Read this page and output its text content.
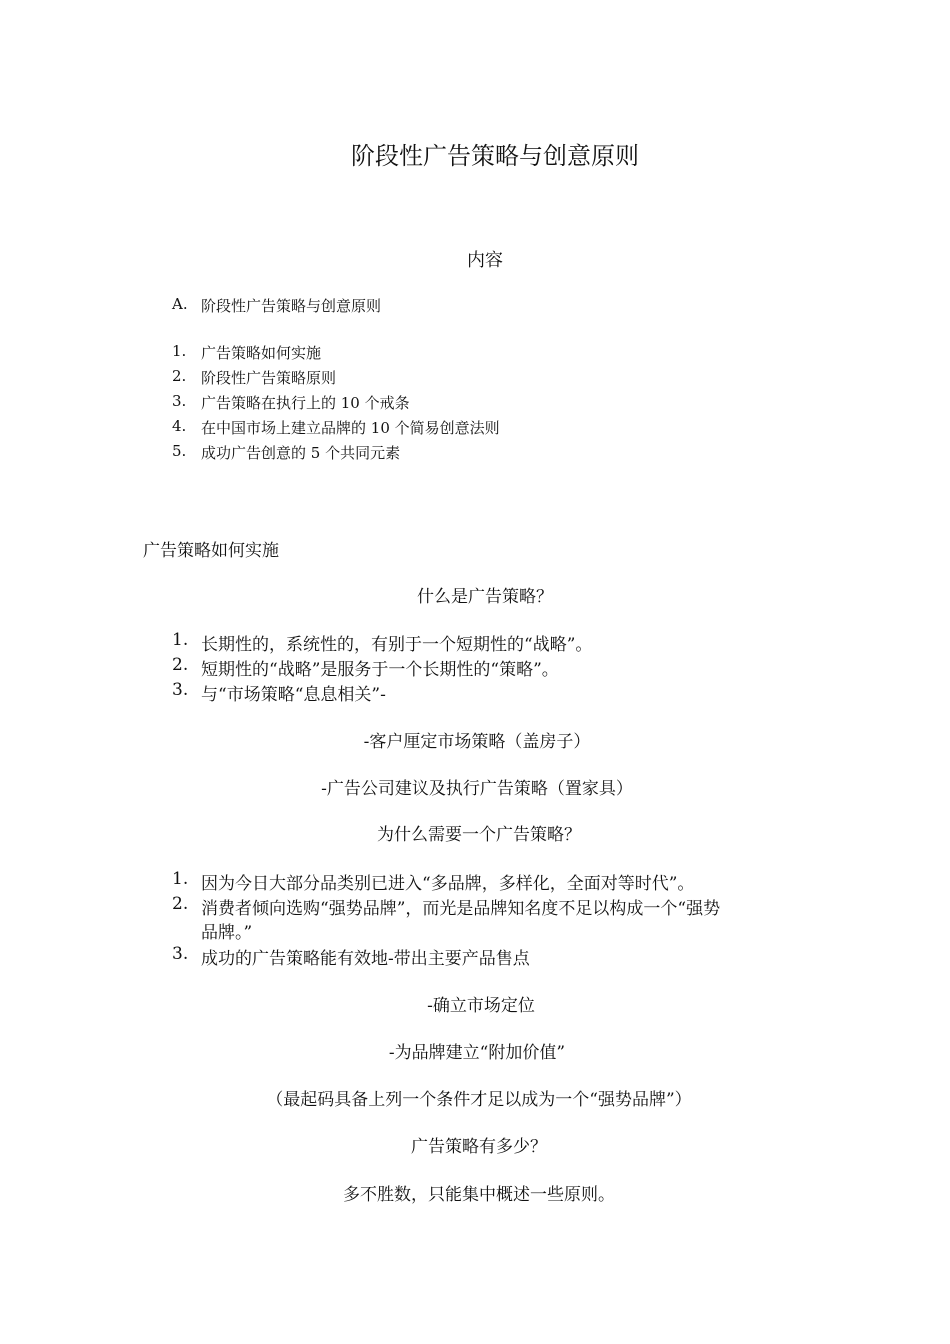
阶段性广告策略与创意原则
内容
A. 阶段性广告策略与创意原则
1. 广告策略如何实施
2. 阶段性广告策略原则
3. 广告策略在执行上的 10 个戒条
4. 在中国市场上建立品牌的 10 个简易创意法则
5. 成功广告创意的 5 个共同元素
广告策略如何实施
什么是广告策略？
1. 长期性的，系统性的，有别于一个短期性的“战略”。
2. 短期性的“战略”是服务于一个长期性的“策略”。
3. 与“市场策略“息息相关”-
-客户厘定市场策略（盖房子）
-广告公司建议及执行广告策略（置家具）
为什么需要一个广告策略？
1. 因为今日大部分品类别已进入“多品牌，多样化，全面对等时代”。
2. 消费者倾向选购“强势品牌”，而光是品牌知名度不足以构成一个“强势
品牌。”
3. 成功的广告策略能有效地-带出主要产品售点
-确立市场定位
-为品牌建立“附加价值”
（最起码具备上列一个条件才足以成为一个“强势品牌”）
广告策略有多少？
多不胜数，只能集中概述一些原则。
